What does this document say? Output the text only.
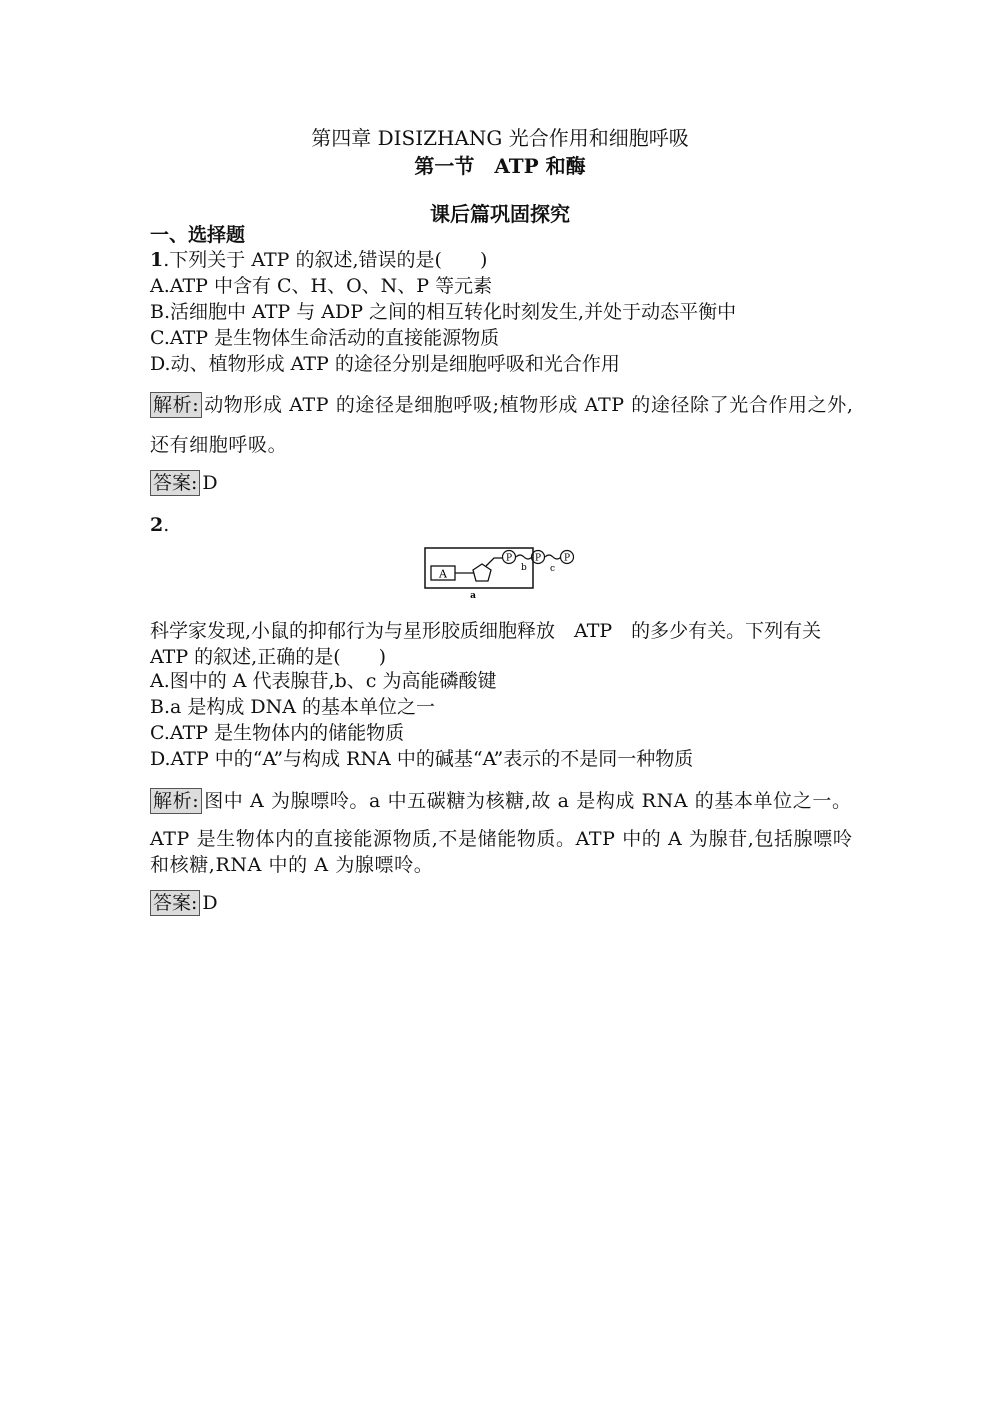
第四章 DISIZHANG 光合作用和细胞呼吸
第一节　ATP 和酶
课后篇巩固探究
一、选择题
1.下列关于 ATP 的叙述,错误的是(　　)
A.ATP 中含有 C、H、O、N、P 等元素
B.活细胞中 ATP 与 ADP 之间的相互转化时刻发生,并处于动态平衡中
C.ATP 是生物体生命活动的直接能源物质
D.动、植物形成 ATP 的途径分别是细胞呼吸和光合作用
解析: 动物形成 ATP 的途径是细胞呼吸;植物形成 ATP 的途径除了光合作用之外,
还有细胞呼吸。
答案: D
2.
A
P
b
P
c
P
a
科学家发现,小鼠的抑郁行为与星形胶质细胞释放　ATP　的多少有关。下列有关
ATP 的叙述,正确的是(　　)
A.图中的 A 代表腺苷,b、c 为高能磷酸键
B.a 是构成 DNA 的基本单位之一
C.ATP 是生物体内的储能物质
D.ATP 中的“A”与构成 RNA 中的碱基“A”表示的不是同一种物质
解析: 图中 A 为腺嘌呤。a 中五碳糖为核糖,故 a 是构成 RNA 的基本单位之一。
ATP 是生物体内的直接能源物质,不是储能物质。ATP 中的 A 为腺苷,包括腺嘌呤
和核糖,RNA 中的 A 为腺嘌呤。
答案: D
